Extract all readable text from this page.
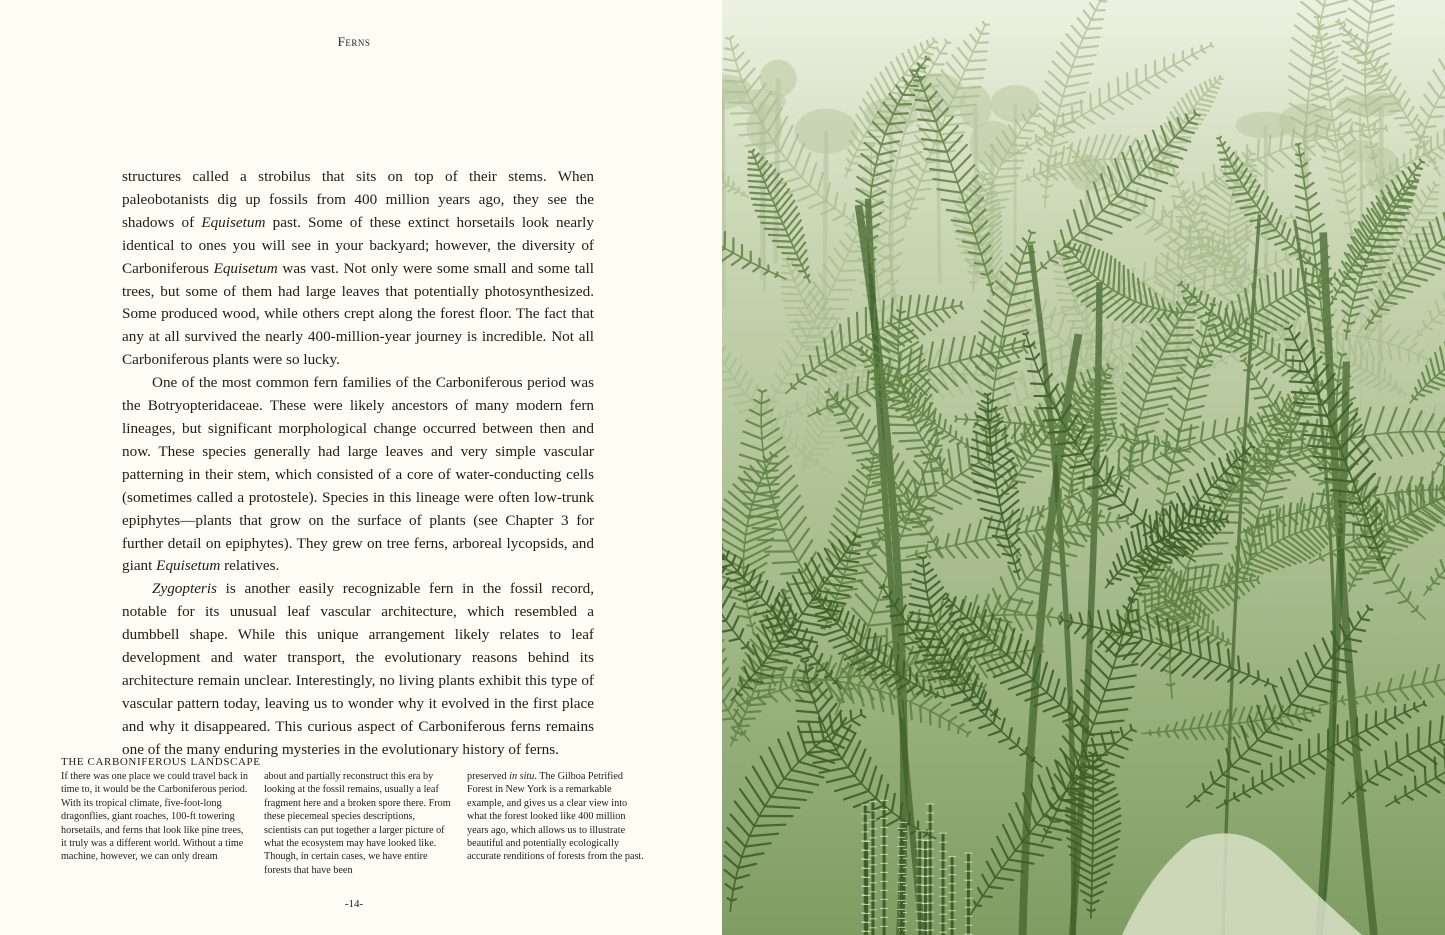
Ferns

structures called a strobilus that sits on top of their stems. When paleobotanists dig up fossils from 400 million years ago, they see the shadows of Equisetum past. Some of these extinct horsetails look nearly identical to ones you will see in your backyard; however, the diversity of Carboniferous Equisetum was vast. Not only were some small and some tall trees, but some of them had large leaves that potentially photosynthesized. Some produced wood, while others crept along the forest floor. The fact that any at all survived the nearly 400-million-year journey is incredible. Not all Carboniferous plants were so lucky.

One of the most common fern families of the Carboniferous period was the Botryopteridaceae. These were likely ancestors of many modern fern lineages, but significant morphological change occurred between then and now. These species generally had large leaves and very simple vascular patterning in their stem, which consisted of a core of water-conducting cells (sometimes called a protostele). Species in this lineage were often low-trunk epiphytes—plants that grow on the surface of plants (see Chapter 3 for further detail on epiphytes). They grew on tree ferns, arboreal lycopsids, and giant Equisetum relatives.

Zygopteris is another easily recognizable fern in the fossil record, notable for its unusual leaf vascular architecture, which resembled a dumbbell shape. While this unique arrangement likely relates to leaf development and water transport, the evolutionary reasons behind its architecture remain unclear. Interestingly, no living plants exhibit this type of vascular pattern today, leaving us to wonder why it evolved in the first place and why it disappeared. This curious aspect of Carboniferous ferns remains one of the many enduring mysteries in the evolutionary history of ferns.

THE CARBONIFEROUS LANDSCAPE
If there was one place we could travel back in time to, it would be the Carboniferous period. With its tropical climate, five-foot-long dragonflies, giant roaches, 100-ft towering horsetails, and ferns that look like pine trees, it truly was a different world. Without a time machine, however, we can only dream
about and partially reconstruct this era by looking at the fossil remains, usually a leaf fragment here and a broken spore there. From these piecemeal species descriptions, scientists can put together a larger picture of what the ecosystem may have looked like. Though, in certain cases, we have entire forests that have been
preserved in situ. The Gilboa Petrified Forest in New York is a remarkable example, and gives us a clear view into what the forest looked like 400 million years ago, which allows us to illustrate beautiful and potentially ecologically accurate renditions of forests from the past.
-14-
